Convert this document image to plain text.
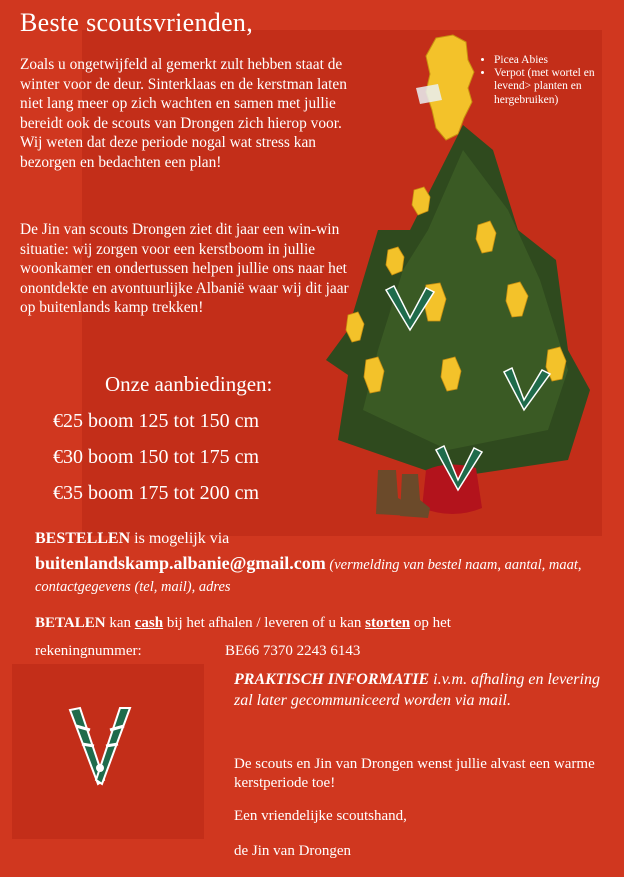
Beste scoutsvrienden,

Zoals u ongetwijfeld al gemerkt zult hebben staat de winter voor de deur. Sinterklaas en de kerstman laten niet lang meer op zich wachten en samen met jullie bereidt ook de scouts van Drongen zich hierop voor. Wij weten dat deze periode nogal wat stress kan bezorgen en bedachten een plan!

De Jin van scouts Drongen ziet dit jaar een win-win situatie: wij zorgen voor een kerstboom in jullie woonkamer en ondertussen helpen jullie ons naar het onontdekte en avontuurlijke Albanië waar wij dit jaar op buitenlands kamp trekken!

Onze aanbiedingen:
€25 boom 125 tot 150 cm
€30 boom 150 tot 175 cm
€35 boom 175 tot 200 cm
• Picea Abies
• Verpot (met wortel en levend> planten en hergebruiken)
BESTELLEN is mogelijk via
buitenlandskamp.albanie@gmail.com (vermelding van bestel naam, aantal, maat, contactgegevens (tel, mail), adres
BETALEN kan cash bij het afhalen / leveren of u kan storten op het
rekeningnummer:	BE66 7370 2243 6143
PRAKTISCH INFORMATIE i.v.m. afhaling en levering zal later gecommuniceerd worden via mail.

De scouts en Jin van Drongen wenst jullie alvast een warme kerstperiode toe!

Een vriendelijke scoutshand,

de Jin van Drongen
